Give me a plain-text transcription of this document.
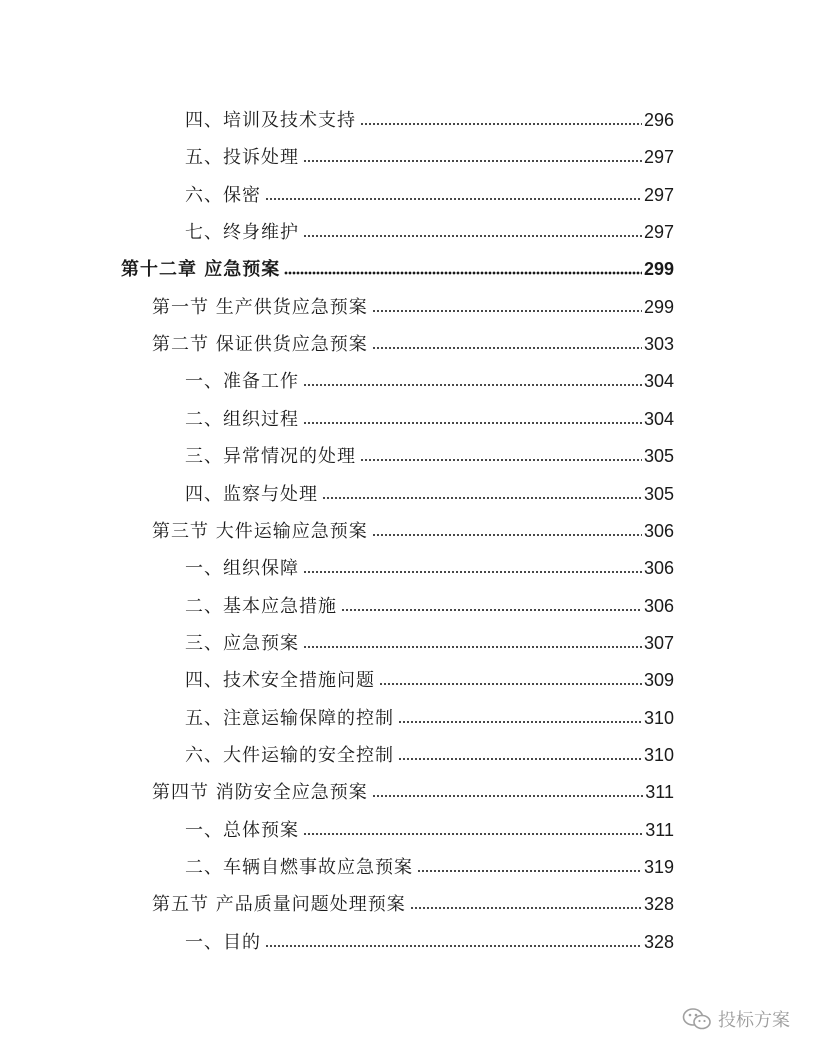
四、培训及技术支持	296
五、投诉处理	297
六、保密	297
七、终身维护	297
第十二章 应急预案	299
第一节 生产供货应急预案	299
第二节 保证供货应急预案	303
一、准备工作	304
二、组织过程	304
三、异常情况的处理	305
四、监察与处理	305
第三节 大件运输应急预案	306
一、组织保障	306
二、基本应急措施	306
三、应急预案	307
四、技术安全措施问题	309
五、注意运输保障的控制	310
六、大件运输的安全控制	310
第四节 消防安全应急预案	311
一、总体预案	311
二、车辆自燃事故应急预案	319
第五节 产品质量问题处理预案	328
一、目的	328
投标方案
